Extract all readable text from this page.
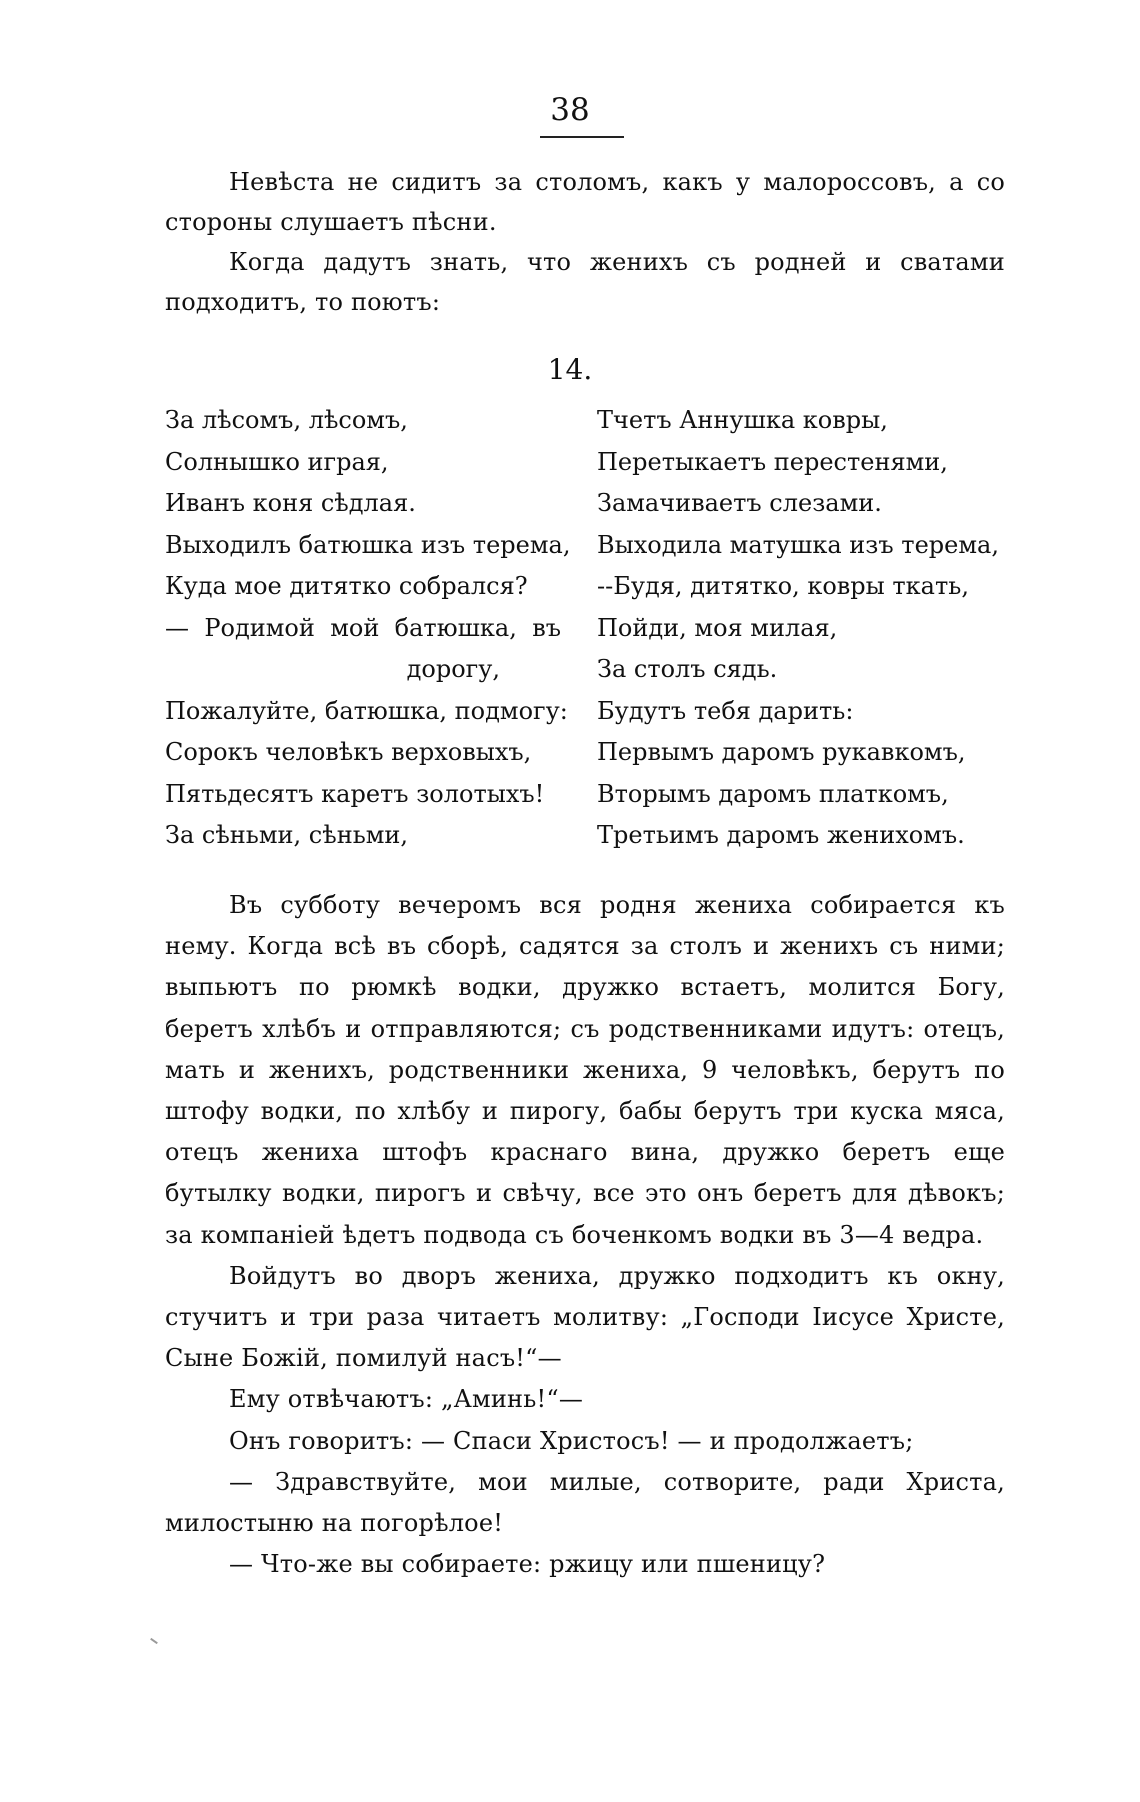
38

Невѣста не сидитъ за столомъ, какъ у малороссовъ, а со стороны слушаетъ пѣсни.

Когда дадутъ знать, что женихъ съ родней и сватами подходитъ, то поютъ:

14.
За лѣсомъ, лѣсомъ,
Солнышко играя,
Иванъ коня сѣдлая.
Выходилъ батюшка изъ терема,
Куда мое дитятко собрался?
— Родимой мой батюшка, въ
дорогу,
Пожалуйте, батюшка, подмогу:
Сорокъ человѣкъ верховыхъ,
Пятьдесятъ каретъ золотыхъ!
За сѣньми, сѣньми,
Тчетъ Аннушка ковры,
Перетыкаетъ перестенями,
Замачиваетъ слезами.
Выходила матушка изъ терема,
--Будя, дитятко, ковры ткать,
Пойди, моя милая,
За столъ сядь.
Будутъ тебя дарить:
Первымъ даромъ рукавкомъ,
Вторымъ даромъ платкомъ,
Третьимъ даромъ женихомъ.

Въ субботу вечеромъ вся родня жениха собирается къ нему. Когда всѣ въ сборѣ, садятся за столъ и женихъ съ ними; выпьютъ по рюмкѣ водки, дружко встаетъ, молится Богу, беретъ хлѣбъ и отправляются; съ родственниками идутъ: отецъ, мать и женихъ, родственники жениха, 9 человѣкъ, берутъ по штофу водки, по хлѣбу и пирогу, бабы берутъ три куска мяса, отецъ жениха штофъ краснаго вина, дружко беретъ еще бутылку водки, пирогъ и свѣчу, все это онъ беретъ для дѣвокъ; за компаніей ѣдетъ подвода съ боченкомъ водки въ 3—4 ведра.

Войдутъ во дворъ жениха, дружко подходитъ къ окну, стучитъ и три раза читаетъ молитву: „Господи Іисусе Христе, Сыне Божій, помилуй насъ!“—

Ему отвѣчаютъ: „Аминь!“—

Онъ говоритъ: — Спаси Христосъ! — и продолжаетъ;

— Здравствуйте, мои милые, сотворите, ради Христа, милостыню на погорѣлое!

— Что-же вы собираете: ржицу или пшеницу?
